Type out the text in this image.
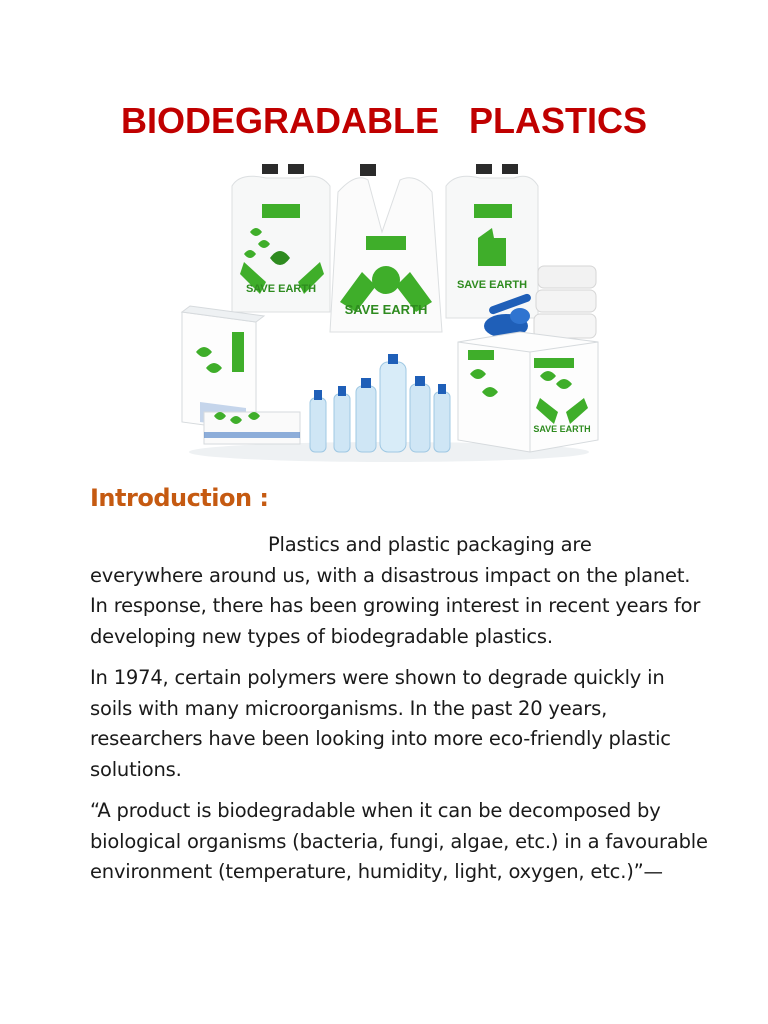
BIODEGRADABLE   PLASTICS
SAVE EARTH
SAVE EARTH
SAVE EARTH
SAVE EARTH
Introduction :

Plastics and plastic packaging are
everywhere around us, with a disastrous impact on the planet.
In response, there has been growing interest in recent years for
developing new types of biodegradable plastics.

In 1974, certain polymers were shown to degrade quickly in
soils with many microorganisms. In the past 20 years,
researchers have been looking into more eco-friendly plastic
solutions.

“A product is biodegradable when it can be decomposed by
biological organisms (bacteria, fungi, algae, etc.) in a favourable
environment (temperature, humidity, light, oxygen, etc.)”—
